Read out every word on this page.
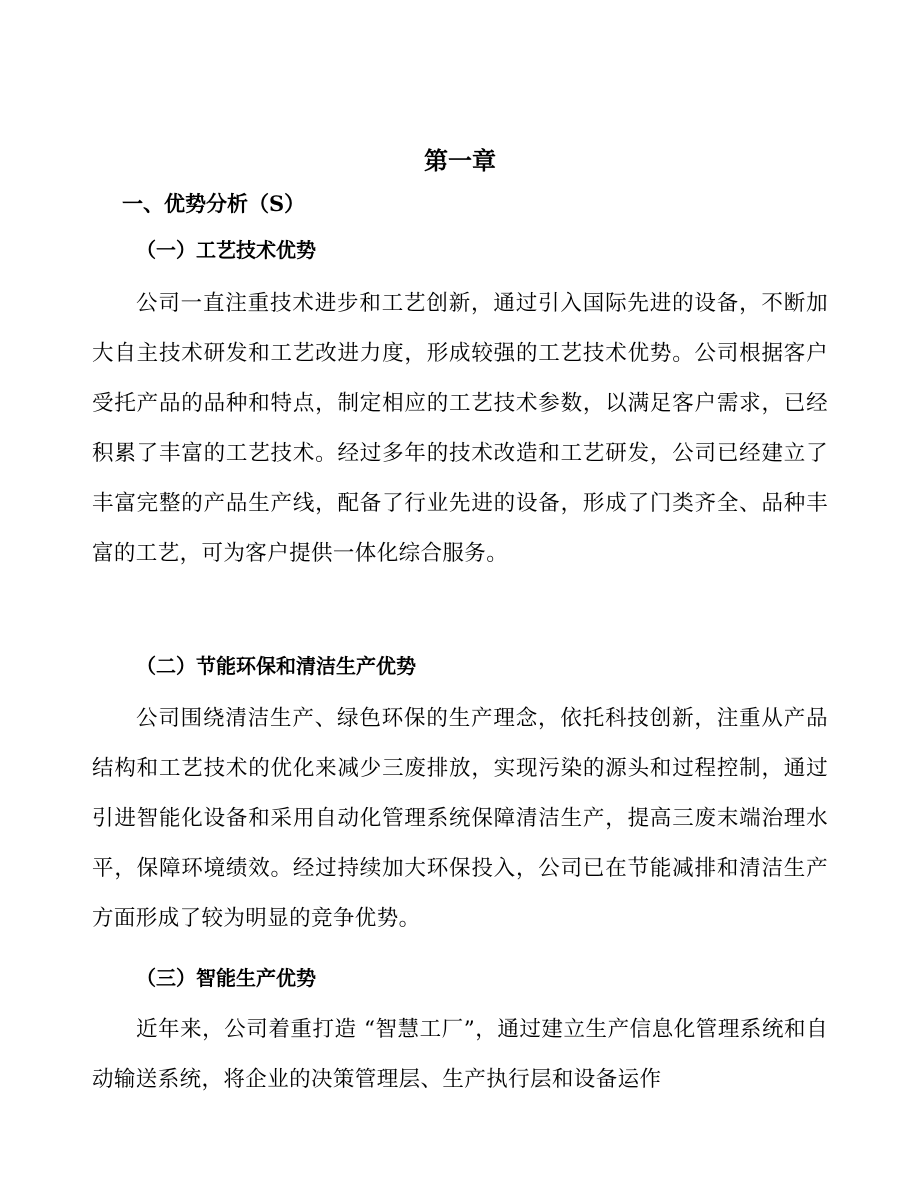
第一章
一、优势分析（S）
（一）工艺技术优势

公司一直注重技术进步和工艺创新，通过引入国际先进的设备，不断加大自主技术研发和工艺改进力度，形成较强的工艺技术优势。公司根据客户受托产品的品种和特点，制定相应的工艺技术参数，以满足客户需求，已经积累了丰富的工艺技术。经过多年的技术改造和工艺研发，公司已经建立了丰富完整的产品生产线，配备了行业先进的设备，形成了门类齐全、品种丰富的工艺，可为客户提供一体化综合服务。

（二）节能环保和清洁生产优势

公司围绕清洁生产、绿色环保的生产理念，依托科技创新，注重从产品结构和工艺技术的优化来减少三废排放，实现污染的源头和过程控制，通过引进智能化设备和采用自动化管理系统保障清洁生产，提高三废末端治理水平，保障环境绩效。经过持续加大环保投入，公司已在节能减排和清洁生产方面形成了较为明显的竞争优势。

（三）智能生产优势

近年来，公司着重打造 “智慧工厂”，通过建立生产信息化管理系统和自动输送系统，将企业的决策管理层、生产执行层和设备运作
